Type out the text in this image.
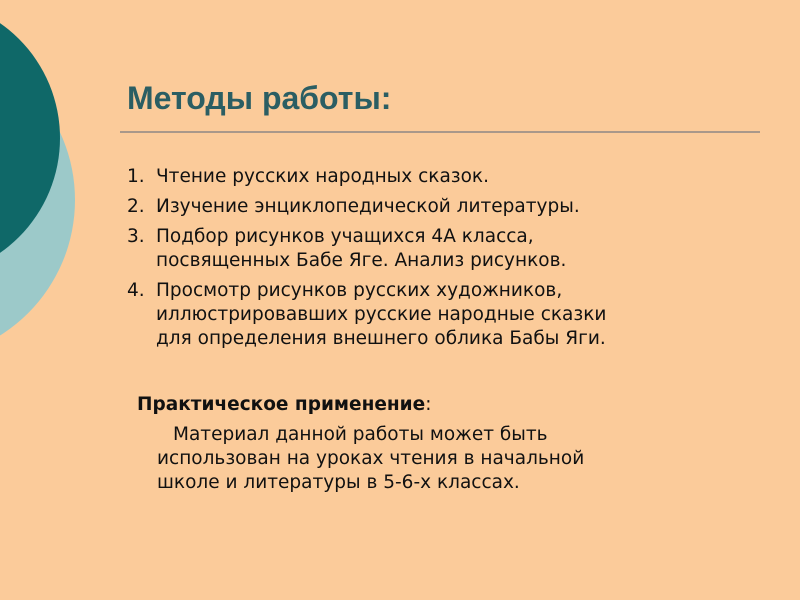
Методы работы:
1. Чтение русских народных сказок.
2. Изучение энциклопедической литературы.
3. Подбор рисунков учащихся 4А класса,
посвященных Бабе Яге. Анализ рисунков.
4. Просмотр рисунков русских художников,
иллюстрировавших русские народные сказки
для определения внешнего облика Бабы Яги.

Практическое применение:

Материал данной работы может быть
использован на уроках чтения в начальной
школе и литературы в 5-6-х классах.
